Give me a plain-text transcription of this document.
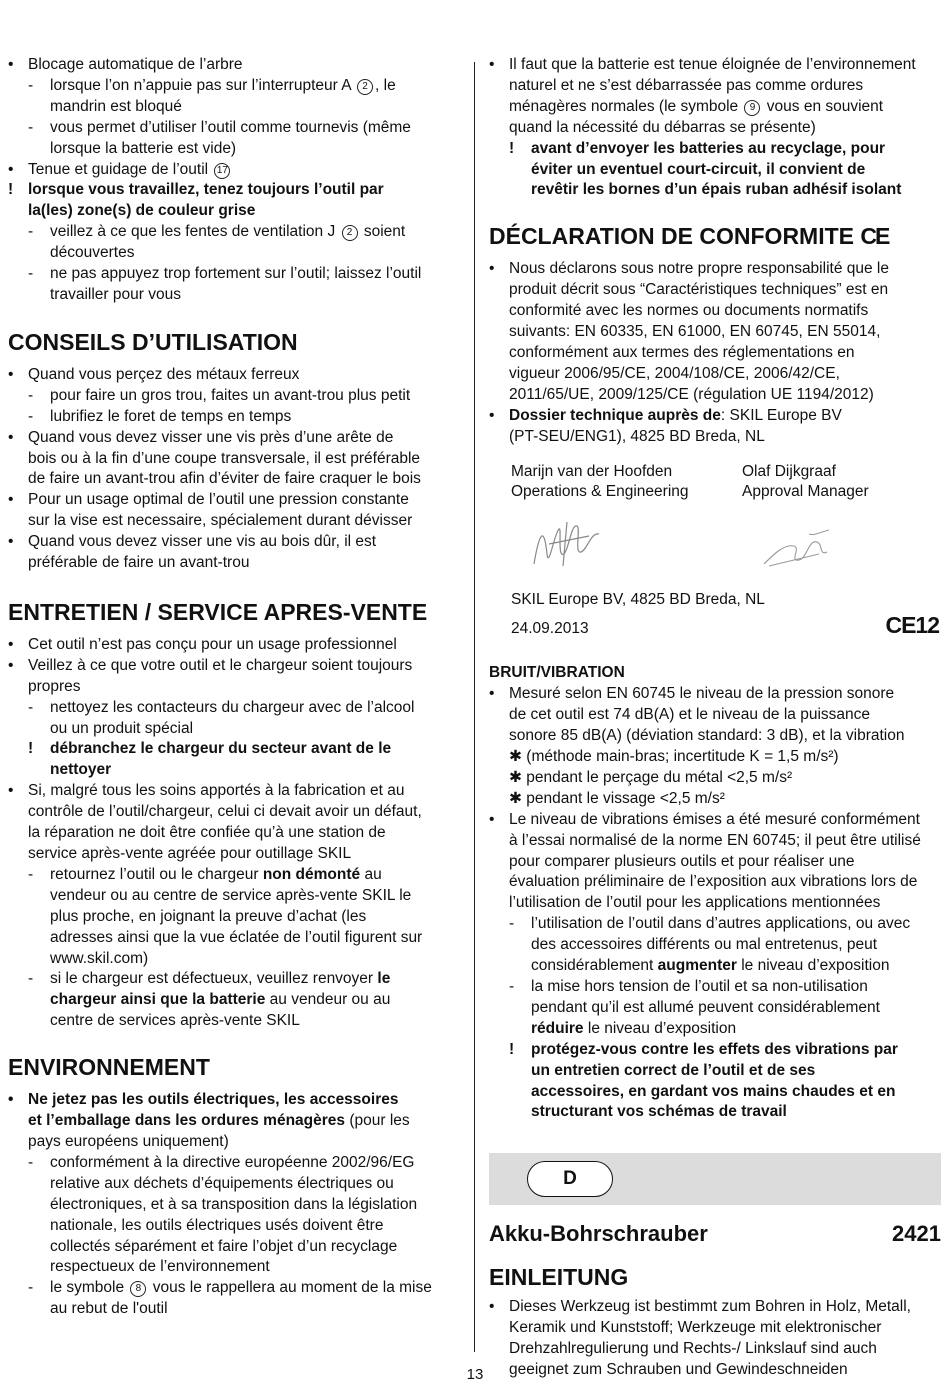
• Blocage automatique de l’arbre
- lorsque l’on n’appuie pas sur l’interrupteur A 2 , le
mandrin est bloqué
- vous permet d’utiliser l’outil comme tournevis (même
lorsque la batterie est vide)
• Tenue et guidage de l’outil 17
! lorsque vous travaillez, tenez toujours l’outil par
la(les) zone(s) de couleur grise
- veillez à ce que les fentes de ventilation J 2 soient
découvertes
- ne pas appuyez trop fortement sur l’outil; laissez l’outil
travailler pour vous
CONSEILS D’UTILISATION
• Quand vous perçez des métaux ferreux
- pour faire un gros trou, faites un avant-trou plus petit
- lubrifiez le foret de temps en temps
• Quand vous devez visser une vis près d’une arête de
bois ou à la fin d’une coupe transversale, il est préférable
de faire un avant-trou afin d’éviter de faire craquer le bois
• Pour un usage optimal de l’outil une pression constante
sur la vise est necessaire, spécialement durant dévisser
• Quand vous devez visser une vis au bois dûr, il est
préférable de faire un avant-trou
ENTRETIEN / SERVICE APRES-VENTE
• Cet outil n’est pas conçu pour un usage professionnel
• Veillez à ce que votre outil et le chargeur soient toujours
propres
- nettoyez les contacteurs du chargeur avec de l’alcool
ou un produit spécial
! débranchez le chargeur du secteur avant de le
nettoyer
• Si, malgré tous les soins apportés à la fabrication et au
contrôle de l’outil/chargeur, celui ci devait avoir un défaut,
la réparation ne doit être confiée qu’à une station de
service après-vente agréée pour outillage SKIL
- retournez l’outil ou le chargeur non démonté au
vendeur ou au centre de service après-vente SKIL le
plus proche, en joignant la preuve d’achat (les
adresses ainsi que la vue éclatée de l’outil figurent sur
www.skil.com)
- si le chargeur est défectueux, veuillez renvoyer le
chargeur ainsi que la batterie au vendeur ou au
centre de services après-vente SKIL
ENVIRONNEMENT
• Ne jetez pas les outils électriques, les accessoires
et l’emballage dans les ordures ménagères (pour les
pays européens uniquement)
- conformément à la directive européenne 2002/96/EG
relative aux déchets d’équipements électriques ou
électroniques, et à sa transposition dans la législation
nationale, les outils électriques usés doivent être
collectés séparément et faire l’objet d’un recyclage
respectueux de l’environnement
- le symbole 8 vous le rappellera au moment de la mise
au rebut de l'outil
• Il faut que la batterie est tenue éloignée de l’environnement
naturel et ne s’est débarrassée pas comme ordures
ménagères normales (le symbole 9 vous en souvient
quand la nécessité du débarras se présente)
! avant d’envoyer les batteries au recyclage, pour
éviter un eventuel court-circuit, il convient de
revêtir les bornes d’un épais ruban adhésif isolant
DÉCLARATION DE CONFORMITE CE
• Nous déclarons sous notre propre responsabilité que le
produit décrit sous “Caractéristiques techniques” est en
conformité avec les normes ou documents normatifs
suivants: EN 60335, EN 61000, EN 60745, EN 55014,
conformément aux termes des réglementations en
vigueur 2006/95/CE, 2004/108/CE, 2006/42/CE,
2011/65/UE, 2009/125/CE (régulation UE 1194/2012)
• Dossier technique auprès de: SKIL Europe BV
(PT-SEU/ENG1), 4825 BD Breda, NL
Marijn van der Hoofden
Operations & Engineering
Olaf Dijkgraaf
Approval Manager
SKIL Europe BV, 4825 BD Breda, NL
24.09.2013	CE12
BRUIT/VIBRATION
• Mesuré selon EN 60745 le niveau de la pression sonore
de cet outil est 74 dB(A) et le niveau de la puissance
sonore 85 dB(A) (déviation standard: 3 dB), et la vibration
✱ (méthode main-bras; incertitude K = 1,5 m/s²)
✱ pendant le perçage du métal <2,5 m/s²
✱ pendant le vissage <2,5 m/s²
• Le niveau de vibrations émises a été mesuré conformément
à l’essai normalisé de la norme EN 60745; il peut être utilisé
pour comparer plusieurs outils et pour réaliser une
évaluation préliminaire de l’exposition aux vibrations lors de
l’utilisation de l’outil pour les applications mentionnées
- l’utilisation de l’outil dans d’autres applications, ou avec
des accessoires différents ou mal entretenus, peut
considérablement augmenter le niveau d’exposition
- la mise hors tension de l’outil et sa non-utilisation
pendant qu’il est allumé peuvent considérablement
réduire le niveau d’exposition
! protégez-vous contre les effets des vibrations par
un entretien correct de l’outil et de ses
accessoires, en gardant vos mains chaudes et en
structurant vos schémas de travail
D
Akku-Bohrschrauber	2421
EINLEITUNG
• Dieses Werkzeug ist bestimmt zum Bohren in Holz, Metall,
Keramik und Kunststoff; Werkzeuge mit elektronischer
Drehzahlregulierung und Rechts-/ Linkslauf sind auch
geeignet zum Schrauben und Gewindeschneiden
13
